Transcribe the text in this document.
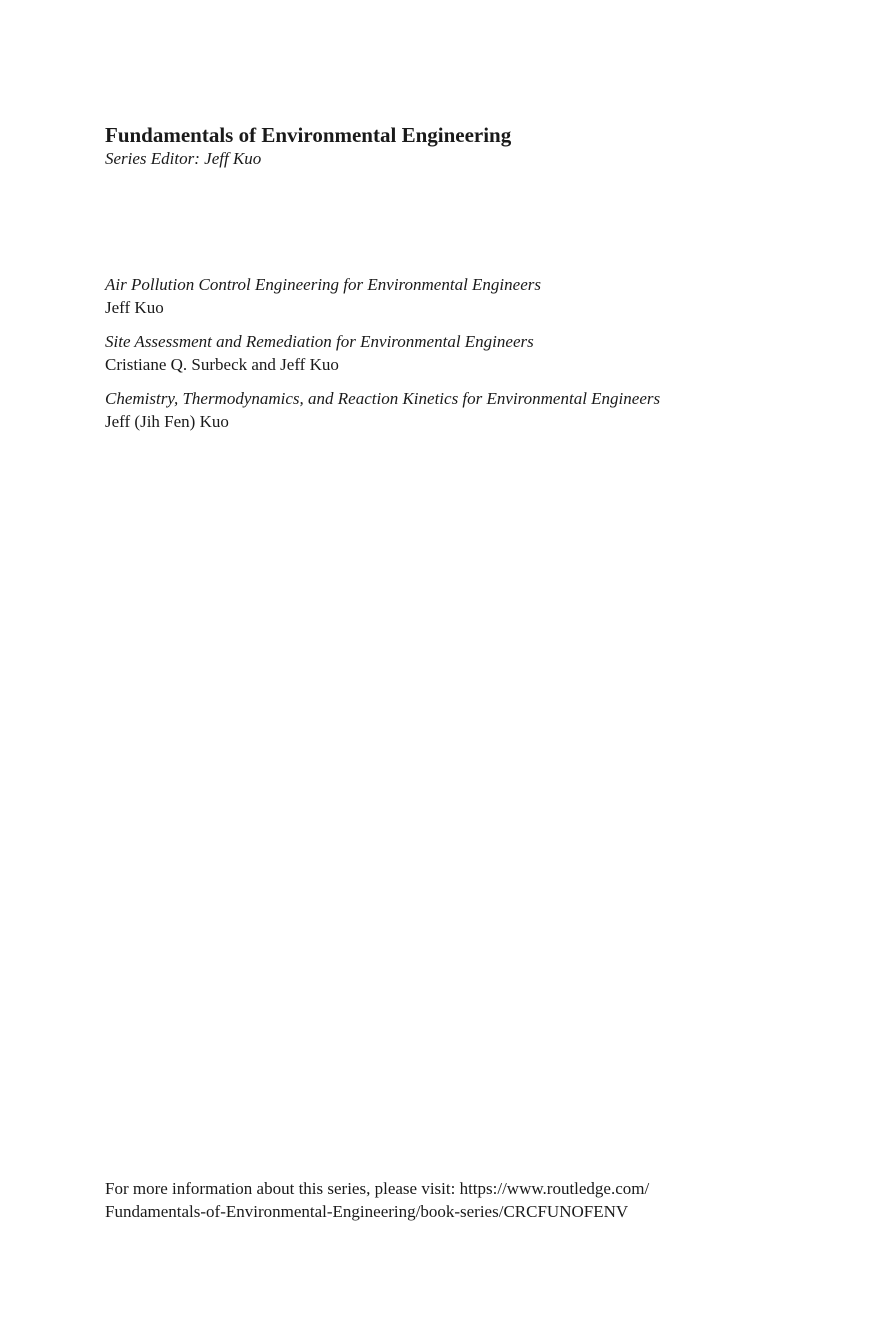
Fundamentals of Environmental Engineering

Series Editor: Jeff Kuo

Air Pollution Control Engineering for Environmental Engineers

Jeff Kuo

Site Assessment and Remediation for Environmental Engineers

Cristiane Q. Surbeck and Jeff Kuo

Chemistry, Thermodynamics, and Reaction Kinetics for Environmental Engineers

Jeff (Jih Fen) Kuo

For more information about this series, please visit: https://www.routledge.com/

Fundamentals-of-Environmental-Engineering/book-series/CRCFUNOFENV
